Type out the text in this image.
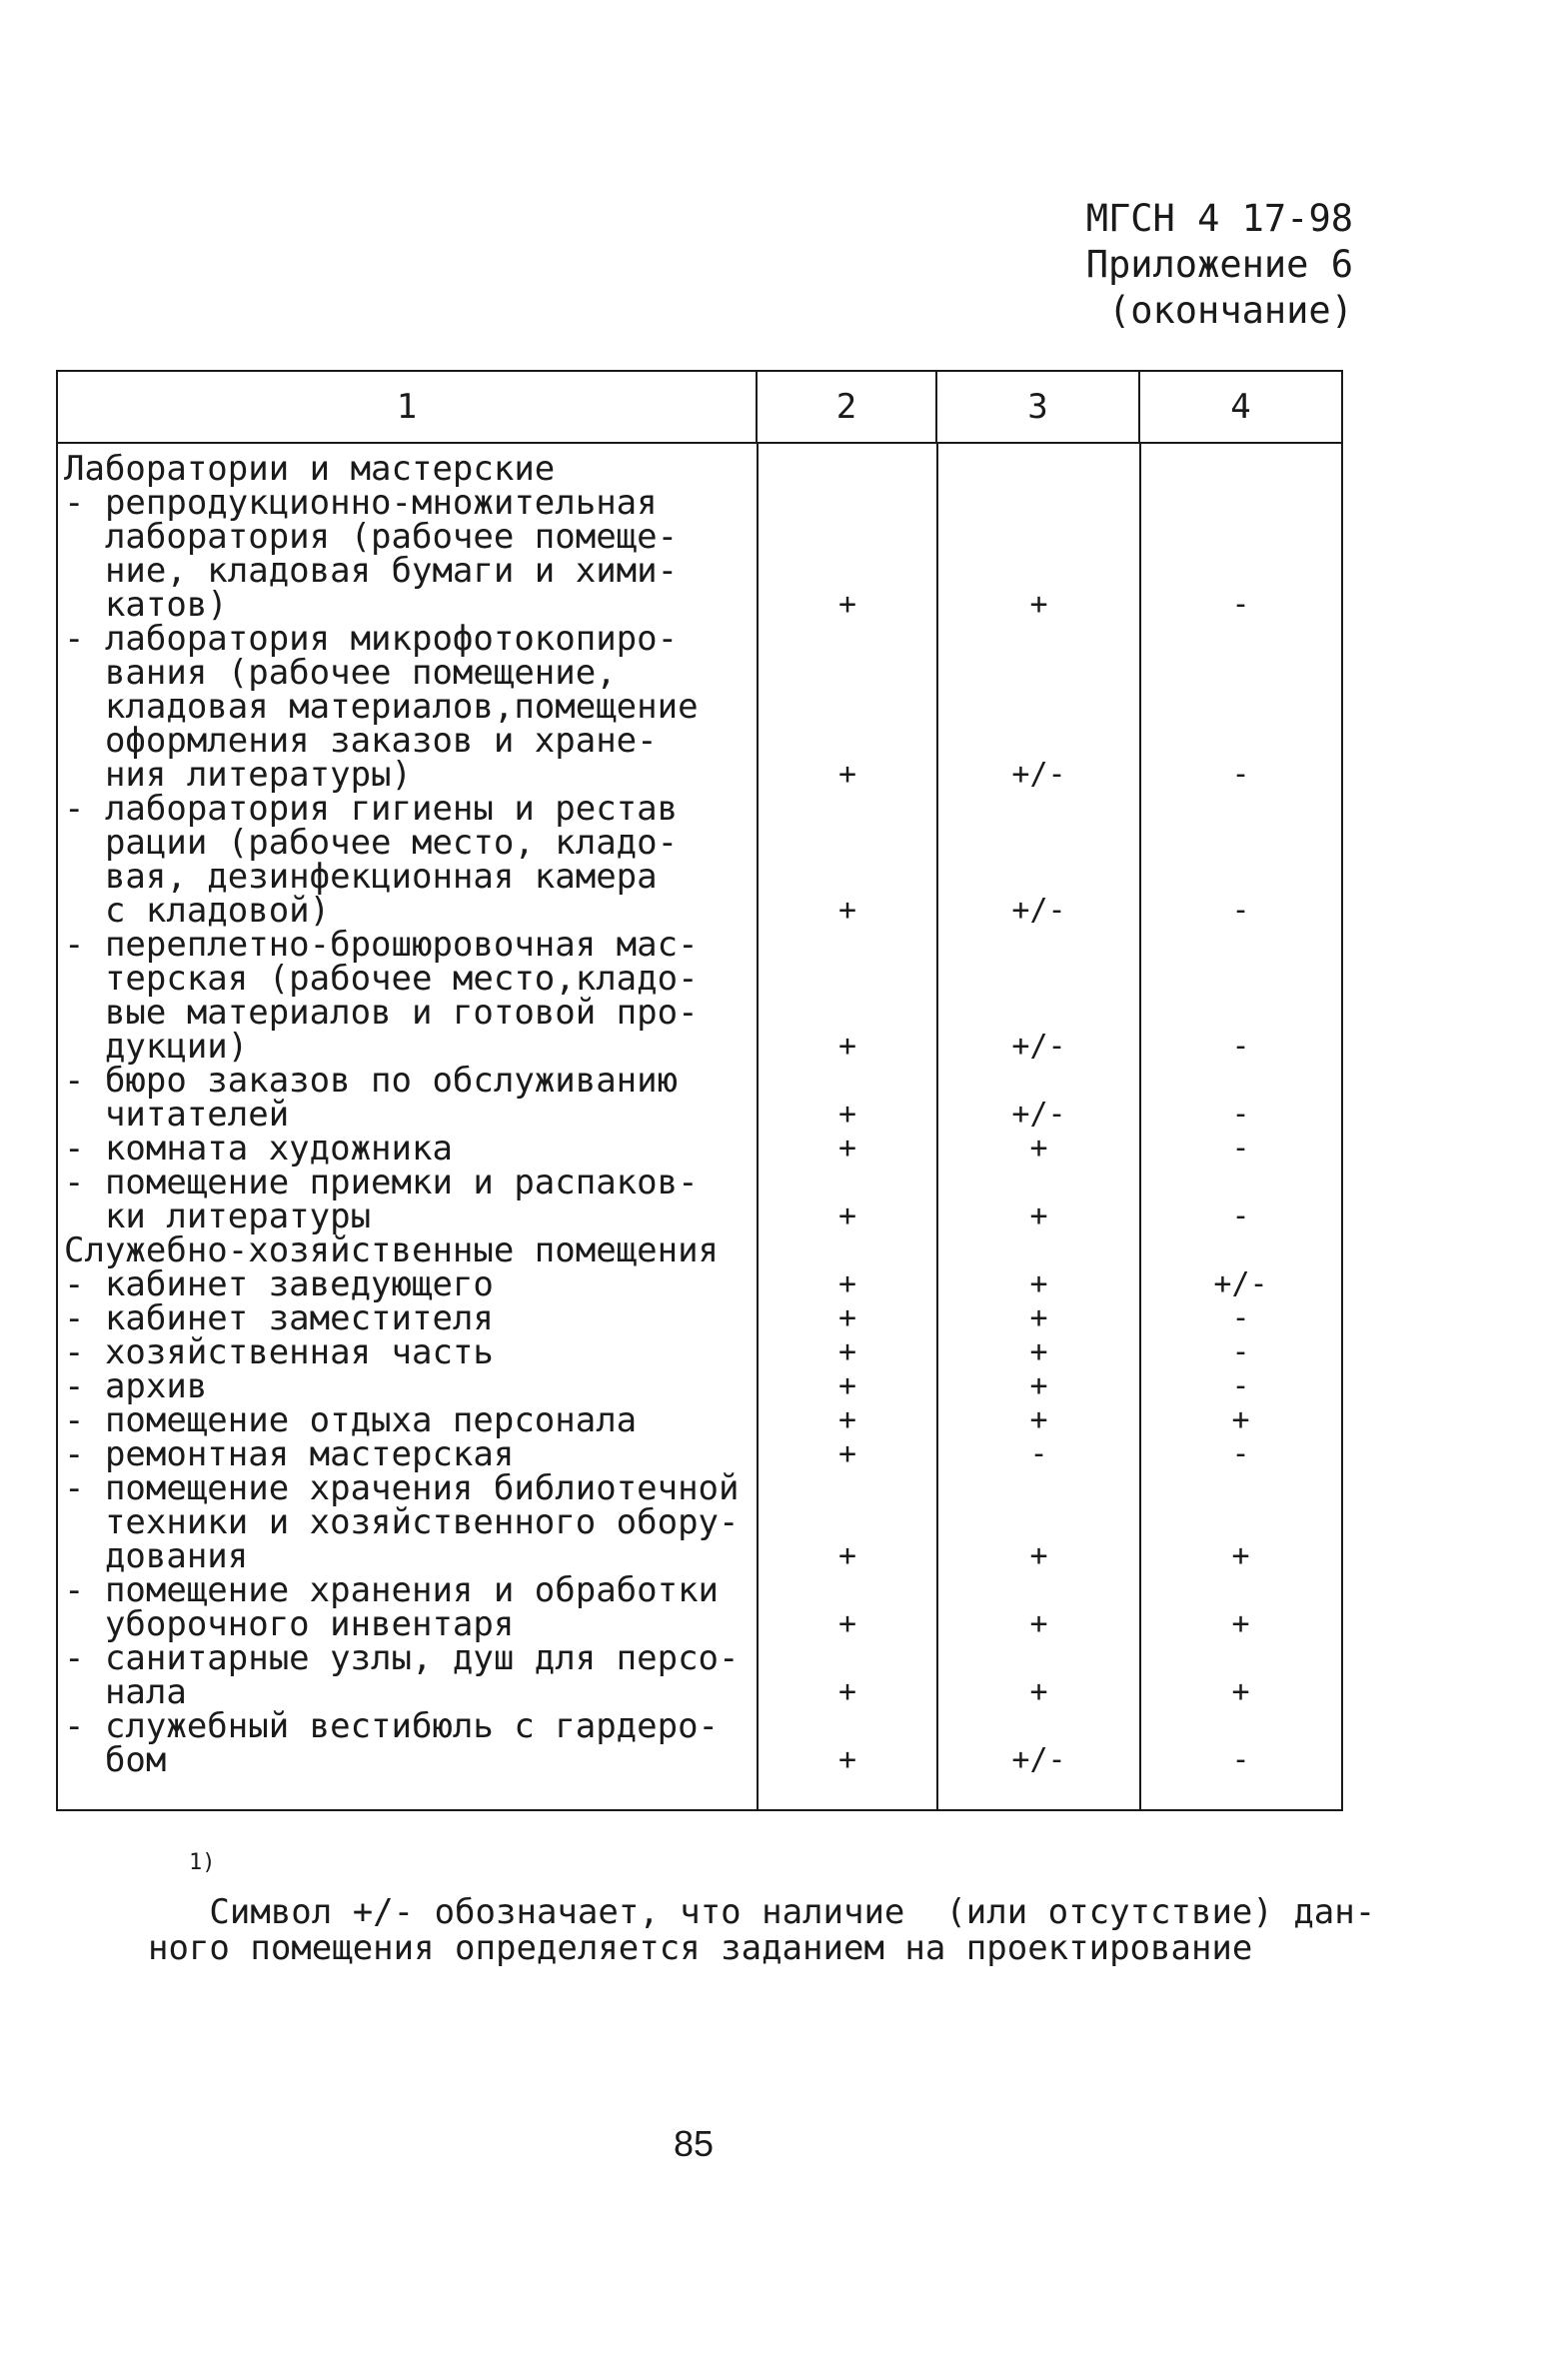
МГСН 4 17-98
Приложение 6
(окончание)
1	2	3	4
Лаборатории и мастерские
- репродукционно-множительная
лаборатория (рабочее помеще-
ние, кладовая бумаги и хими-
катов)	+	+	-
- лаборатория микрофотокопиро-
вания (рабочее помещение,
кладовая материалов,помещение
оформления заказов и хране-
ния литературы)	+	+/-	-
- лаборатория гигиены и рестав
рации (рабочее место, кладо-
вая, дезинфекционная камера
с кладовой)	+	+/-	-
- переплетно-брошюровочная мас-
терская (рабочее место,кладо-
вые материалов и готовой про-
дукции)	+	+/-	-
- бюро заказов по обслуживанию
читателей	+	+/-	-
- комната художника	+	+	-
- помещение приемки и распаков-
ки литературы	+	+	-
Служебно-хозяйственные помещения
- кабинет заведующего	+	+	+/-
- кабинет заместителя	+	+	-
- хозяйственная часть	+	+	-
- архив	+	+	-
- помещение отдыха персонала	+	+	+
- ремонтная мастерская	+	-	-
- помещение храчения библиотечной
техники и хозяйственного обору-
дования	+	+	+
- помещение хранения и обработки
уборочного инвентаря	+	+	+
- санитарные узлы, душ для персо-
нала	+	+	+
- служебный вестибюль с гардеро-
бом	+	+/-	-

$^{1)}$
Символ +/- обозначает, что наличие  (или отсутствие) дан-
ного помещения определяется заданием на проектирование

85
